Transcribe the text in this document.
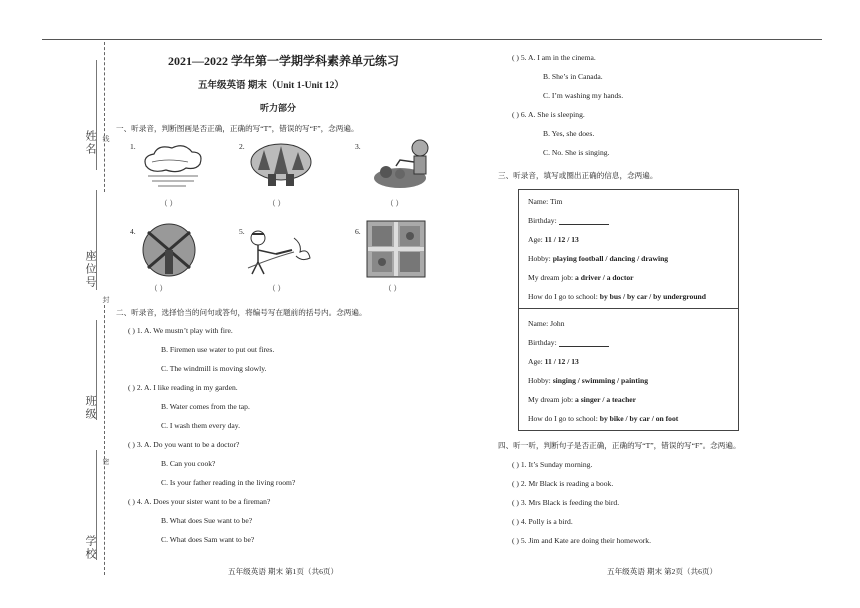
姓名
座位号
班级
学校
线
封
密
2021—2022 学年第一学期学科素养单元练习
五年级英语 期末（Unit 1-Unit 12）
听力部分
一、听录音，判断图画是否正确，正确的写“T”，错误的写“F”，念两遍。
1.	2.	3.
4.	5.	6.
（ ）	（ ）	（ ）
（ ）	（ ）	（ ）
二、听录音，选择恰当的问句或答句，将编号写在题前的括号内。念两遍。
( ) 1. A. We mustn’t play with fire.
B. Firemen use water to put out fires.
C. The windmill is moving slowly.
( ) 2. A. I like reading in my garden.
B. Water comes from the tap.
C. I wash them every day.
( ) 3. A. Do you want to be a doctor?
B. Can you cook?
C. Is your father reading in the living room?
( ) 4. A. Does your sister want to be a fireman?
B. What does Sue want to be?
C. What does Sam want to be?
( ) 5. A. I am in the cinema.
B. She’s in Canada.
C. I’m washing my hands.
( ) 6. A. She is sleeping.
B. Yes, she does.
C. No. She is singing.
三、听录音，填写或圈出正确的信息，念两遍。
Name: Tim
Birthday:
Age: 11 / 12 / 13
Hobby: playing football / dancing / drawing
My dream job: a driver / a doctor
How do I go to school: by bus / by car / by underground
Name: John
Birthday:
Age: 11 / 12 / 13
Hobby: singing / swimming / painting
My dream job: a singer / a teacher
How do I go to school: by bike / by car / on foot
四、听一听，判断句子是否正确，正确的写“T”，错误的写“F”。念两遍。
( ) 1. It’s Sunday morning.
( ) 2. Mr Black is reading a book.
( ) 3. Mrs Black is feeding the bird.
( ) 4. Polly is a bird.
( ) 5. Jim and Kate are doing their homework.
五年级英语 期末 第1页（共6页）	五年级英语 期末 第2页（共6页）
